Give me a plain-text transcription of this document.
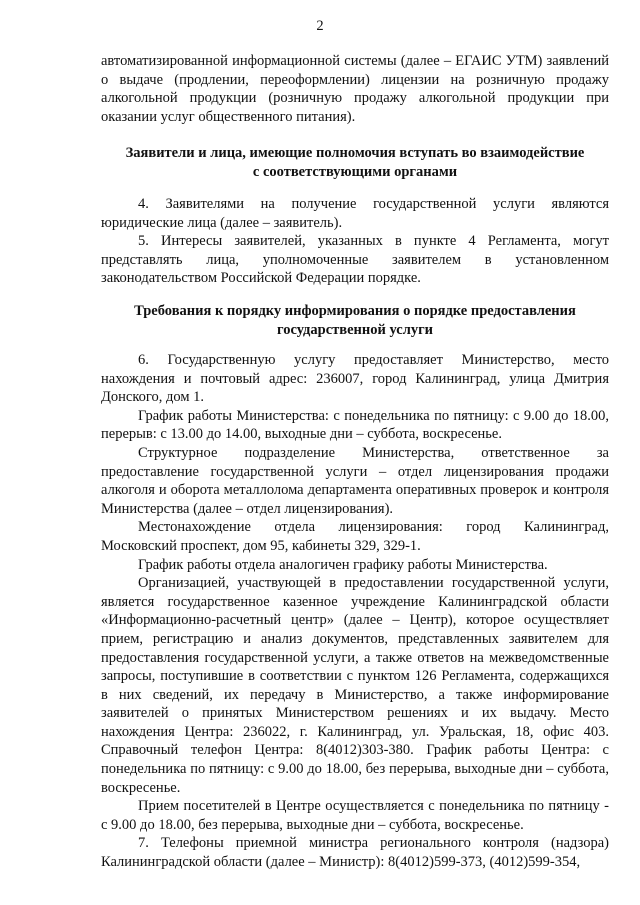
2

автоматизированной информационной системы (далее – ЕГАИС УТМ) заявлений о выдаче (продлении, переоформлении) лицензии на розничную продажу алкогольной продукции (розничную продажу алкогольной продукции при оказании услуг общественного питания).

Заявители и лица, имеющие полномочия вступать во взаимодействие
с соответствующими органами

4. Заявителями на получение государственной услуги являются юридические лица (далее – заявитель).

5. Интересы заявителей, указанных в пункте 4 Регламента, могут представлять лица, уполномоченные заявителем в установленном законодательством Российской Федерации порядке.

Требования к порядку информирования о порядке предоставления
государственной услуги

6. Государственную услугу предоставляет Министерство, место нахождения и почтовый адрес: 236007, город Калининград, улица Дмитрия Донского, дом 1.

График работы Министерства: с понедельника по пятницу: с 9.00 до 18.00, перерыв: с 13.00 до 14.00, выходные дни – суббота, воскресенье.

Структурное подразделение Министерства, ответственное за предоставление государственной услуги – отдел лицензирования продажи алкоголя и оборота металлолома департамента оперативных проверок и контроля Министерства (далее – отдел лицензирования).

Местонахождение отдела лицензирования: город Калининград, Московский проспект, дом 95, кабинеты 329, 329-1.

График работы отдела аналогичен графику работы Министерства.

Организацией, участвующей в предоставлении государственной услуги, является государственное казенное учреждение Калининградской области «Информационно-расчетный центр» (далее – Центр), которое осуществляет прием, регистрацию и анализ документов, представленных заявителем для предоставления государственной услуги, а также ответов на межведомственные запросы, поступившие в соответствии с пунктом 126 Регламента, содержащихся в них сведений, их передачу в Министерство, а также информирование заявителей о принятых Министерством решениях и их выдачу. Место нахождения Центра: 236022, г. Калининград, ул. Уральская, 18, офис 403. Справочный телефон Центра: 8(4012)303-380. График работы Центра: с понедельника по пятницу: с 9.00 до 18.00, без перерыва, выходные дни – суббота, воскресенье.

Прием посетителей в Центре осуществляется с понедельника по пятницу - с 9.00 до 18.00, без перерыва, выходные дни – суббота, воскресенье.

7. Телефоны приемной министра регионального контроля (надзора) Калининградской области (далее – Министр): 8(4012)599-373, (4012)599-354,
